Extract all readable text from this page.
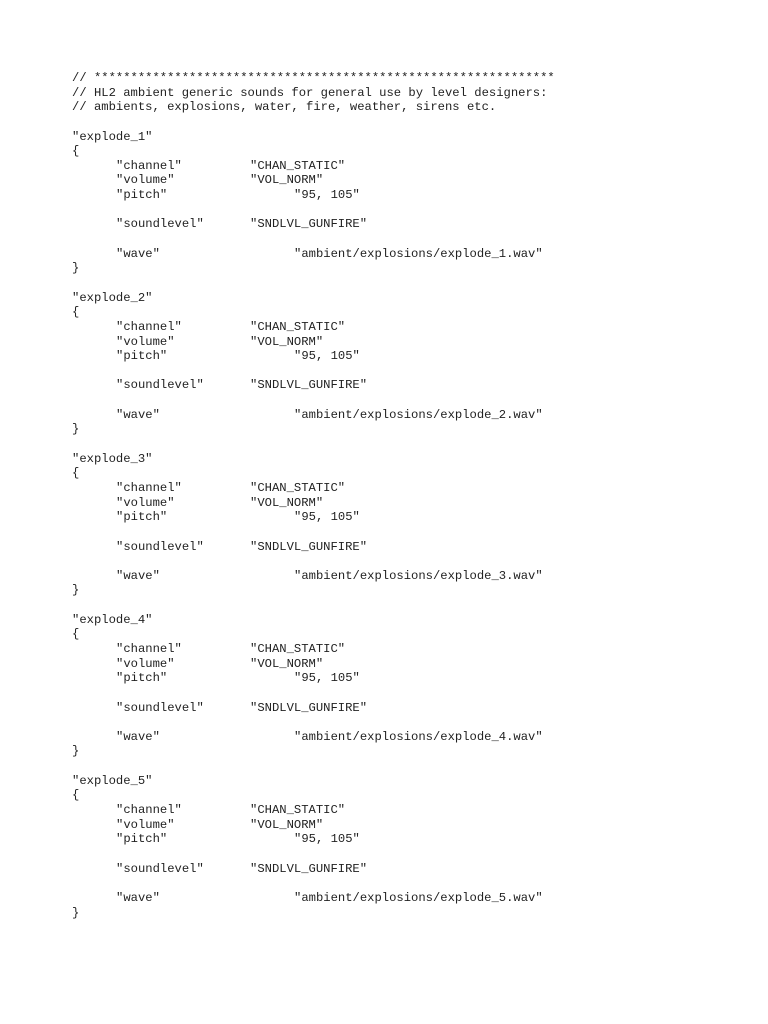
// ***************************************************************
// HL2 ambient generic sounds for general use by level designers:
// ambients, explosions, water, fire, weather, sirens etc.
"explode_1"
{
"channel"	"CHAN_STATIC"
"volume"	"VOL_NORM"
"pitch"	"95, 105"
"soundlevel"	"SNDLVL_GUNFIRE"
"wave"	"ambient/explosions/explode_1.wav"
}
"explode_2"
{
"channel"	"CHAN_STATIC"
"volume"	"VOL_NORM"
"pitch"	"95, 105"
"soundlevel"	"SNDLVL_GUNFIRE"
"wave"	"ambient/explosions/explode_2.wav"
}
"explode_3"
{
"channel"	"CHAN_STATIC"
"volume"	"VOL_NORM"
"pitch"	"95, 105"
"soundlevel"	"SNDLVL_GUNFIRE"
"wave"	"ambient/explosions/explode_3.wav"
}
"explode_4"
{
"channel"	"CHAN_STATIC"
"volume"	"VOL_NORM"
"pitch"	"95, 105"
"soundlevel"	"SNDLVL_GUNFIRE"
"wave"	"ambient/explosions/explode_4.wav"
}
"explode_5"
{
"channel"	"CHAN_STATIC"
"volume"	"VOL_NORM"
"pitch"	"95, 105"
"soundlevel"	"SNDLVL_GUNFIRE"
"wave"	"ambient/explosions/explode_5.wav"
}
